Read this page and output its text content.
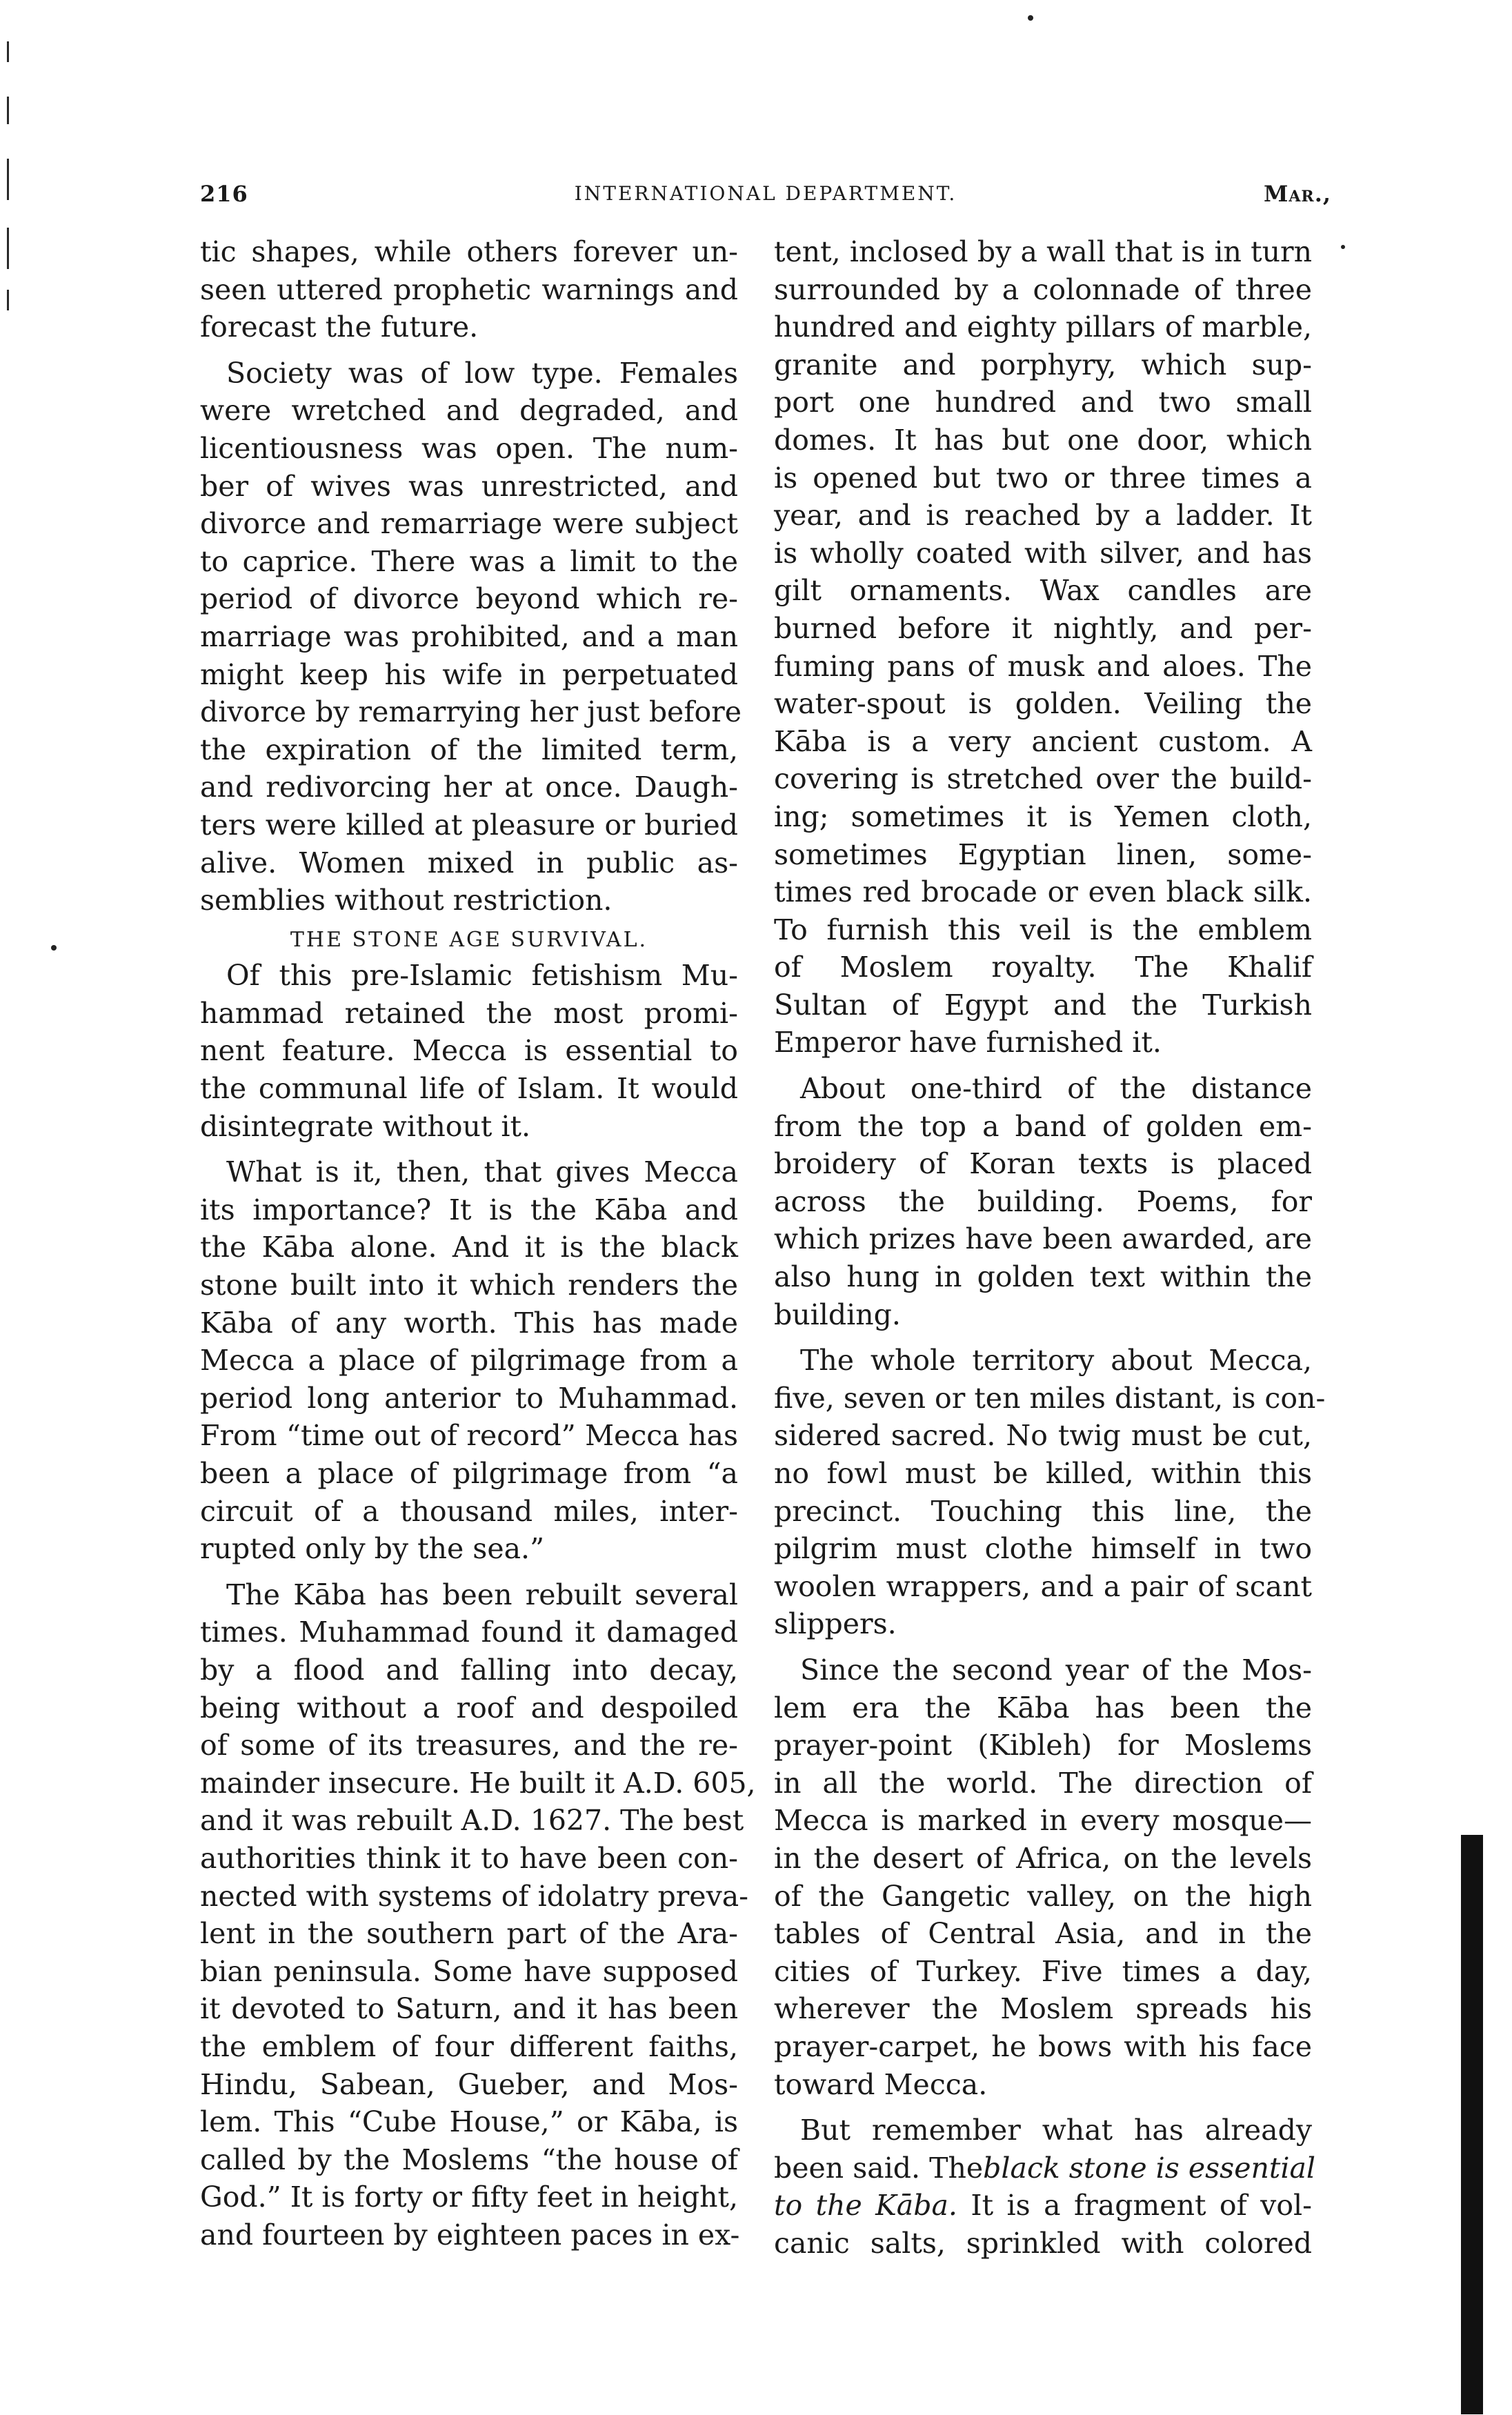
216	INTERNATIONAL DEPARTMENT.	Mar.,
tic shapes, while others forever un-
seen uttered prophetic warnings and
forecast the future.
Society was of low type. Females
were wretched and degraded, and
licentiousness was open. The num-
ber of wives was unrestricted, and
divorce and remarriage were subject
to caprice. There was a limit to the
period of divorce beyond which re-
marriage was prohibited, and a man
might keep his wife in perpetuated
divorce by remarrying her just before
the expiration of the limited term,
and redivorcing her at once. Daugh-
ters were killed at pleasure or buried
alive. Women mixed in public as-
semblies without restriction.
THE STONE AGE SURVIVAL.
Of this pre-Islamic fetishism Mu-
hammad retained the most promi-
nent feature. Mecca is essential to
the communal life of Islam. It would
disintegrate without it.
What is it, then, that gives Mecca
its importance? It is the Kāba and
the Kāba alone. And it is the black
stone built into it which renders the
Kāba of any worth. This has made
Mecca a place of pilgrimage from a
period long anterior to Muhammad.
From “time out of record” Mecca has
been a place of pilgrimage from “a
circuit of a thousand miles, inter-
rupted only by the sea.”
The Kāba has been rebuilt several
times. Muhammad found it damaged
by a flood and falling into decay,
being without a roof and despoiled
of some of its treasures, and the re-
mainder insecure. He built it A.D. 605,
and it was rebuilt A.D. 1627. The best
authorities think it to have been con-
nected with systems of idolatry preva-
lent in the southern part of the Ara-
bian peninsula. Some have supposed
it devoted to Saturn, and it has been
the emblem of four different faiths,
Hindu, Sabean, Gueber, and Mos-
lem. This “Cube House,” or Kāba, is
called by the Moslems “the house of
God.” It is forty or fifty feet in height,
and fourteen by eighteen paces in ex-
tent, inclosed by a wall that is in turn
surrounded by a colonnade of three
hundred and eighty pillars of marble,
granite and porphyry, which sup-
port one hundred and two small
domes. It has but one door, which
is opened but two or three times a
year, and is reached by a ladder. It
is wholly coated with silver, and has
gilt ornaments. Wax candles are
burned before it nightly, and per-
fuming pans of musk and aloes. The
water-spout is golden. Veiling the
Kāba is a very ancient custom. A
covering is stretched over the build-
ing; sometimes it is Yemen cloth,
sometimes Egyptian linen, some-
times red brocade or even black silk.
To furnish this veil is the emblem
of Moslem royalty. The Khalif
Sultan of Egypt and the Turkish
Emperor have furnished it.
About one-third of the distance
from the top a band of golden em-
broidery of Koran texts is placed
across the building. Poems, for
which prizes have been awarded, are
also hung in golden text within the
building.
The whole territory about Mecca,
five, seven or ten miles distant, is con-
sidered sacred. No twig must be cut,
no fowl must be killed, within this
precinct. Touching this line, the
pilgrim must clothe himself in two
woolen wrappers, and a pair of scant
slippers.
Since the second year of the Mos-
lem era the Kāba has been the
prayer-point (Kibleh) for Moslems
in all the world. The direction of
Mecca is marked in every mosque—
in the desert of Africa, on the levels
of the Gangetic valley, on the high
tables of Central Asia, and in the
cities of Turkey. Five times a day,
wherever the Moslem spreads his
prayer-carpet, he bows with his face
toward Mecca.
But remember what has already
been said. Theblack stone is essential
to the Kāba. It is a fragment of vol-
canic salts, sprinkled with colored
